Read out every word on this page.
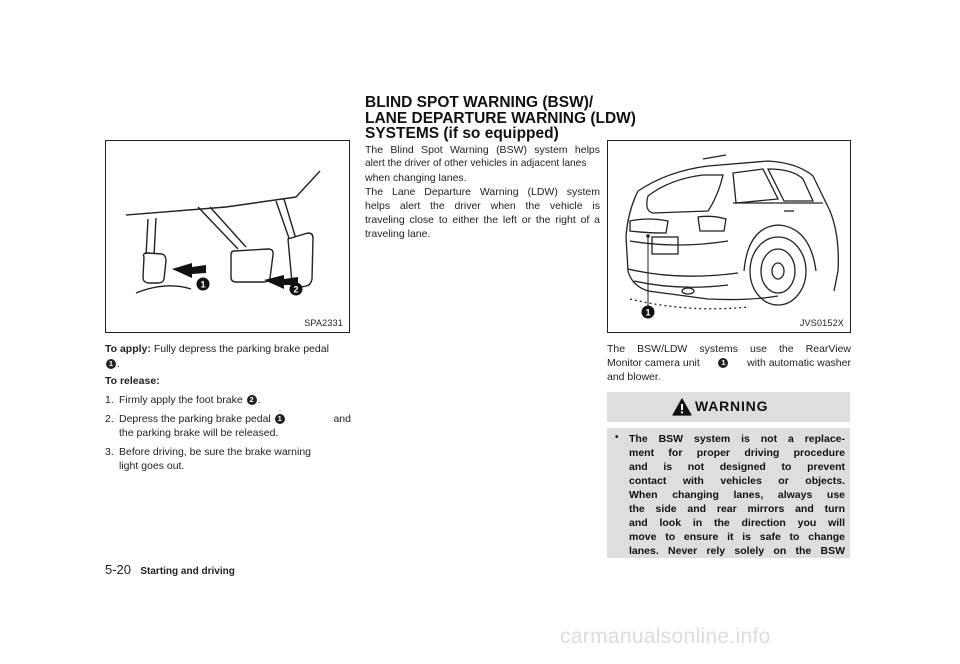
1	2
SPA2331
To apply: Fully depress the parking brake pedal
1 .
To release:
1. Firmly apply the foot brake 2 .
2. Depress the parking brake pedal 1	and
the parking brake will be released.
3. Before driving, be sure the brake warning
light goes out.
BLIND SPOT WARNING (BSW)/
LANE DEPARTURE WARNING (LDW)
SYSTEMS (if so equipped)
The Blind Spot Warning (BSW) system helps
alert the driver of other vehicles in adjacent lanes
when changing lanes.
The Lane Departure Warning (LDW) system
helps alert the driver when the vehicle is
traveling close to either the left or the right of a
traveling lane.
1
JVS0152X
The BSW/LDW systems use the RearView
Monitor camera unit	1 with automatic washer
and blower.
WARNING
• The BSW system is not a replace-
ment for proper driving procedure
and is not designed to prevent
contact with vehicles or objects.
When changing lanes, always use
the side and rear mirrors and turn
and look in the direction you will
move to ensure it is safe to change
lanes. Never rely solely on the BSW
5-20 Starting and driving
carmanualsonline.info
